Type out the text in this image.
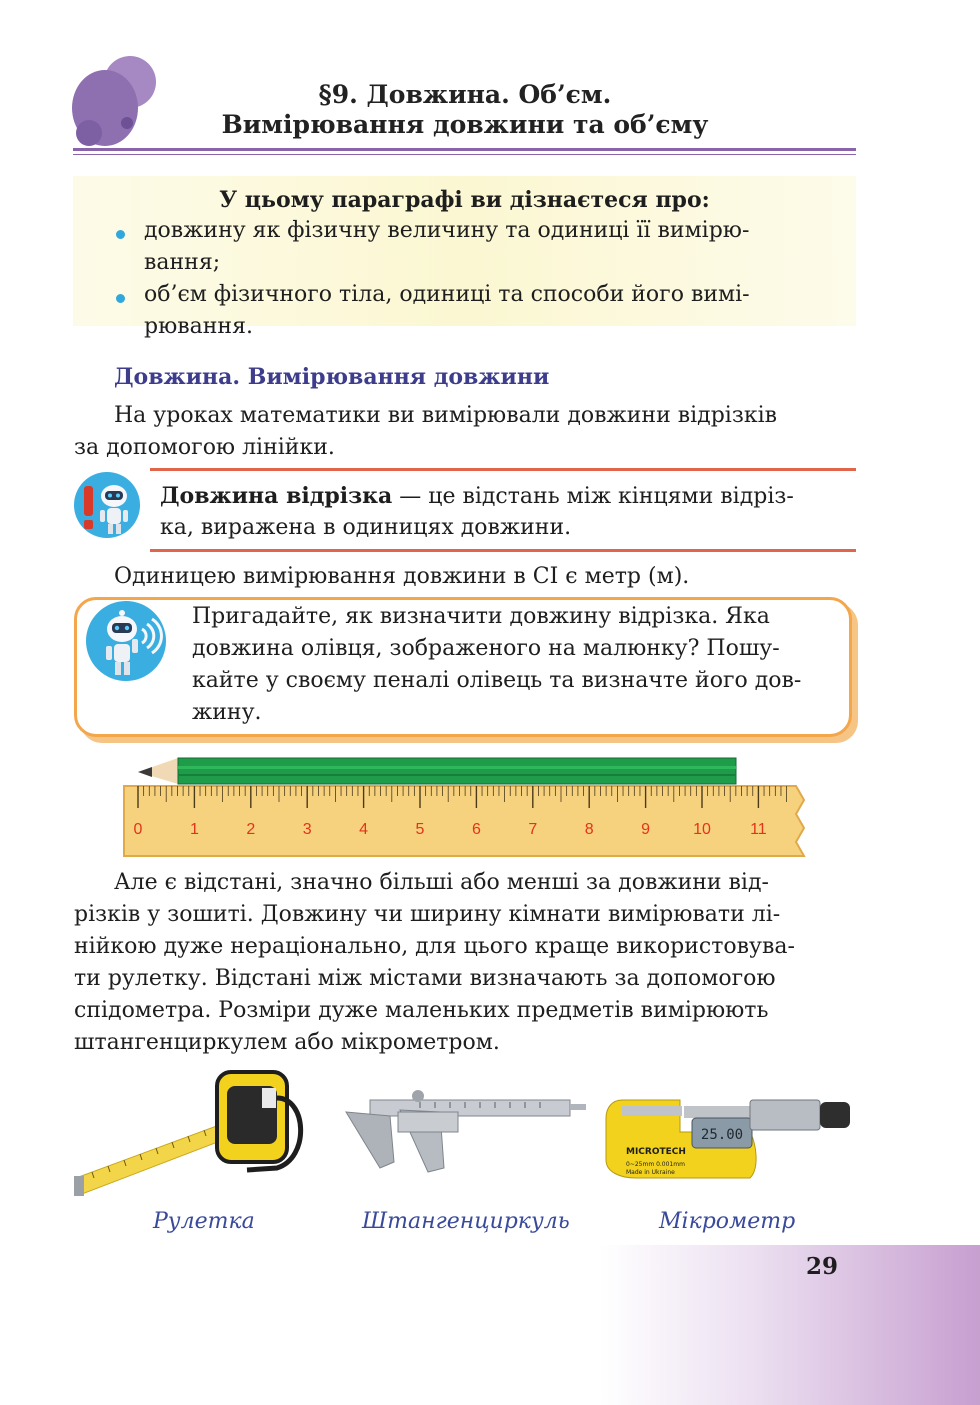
§9. Довжина. Об’єм.
Вимірювання довжини та об’єму
У цьому параграфі ви дізнаєтеся про:
довжину як фізичну величину та одиниці її вимірю-
вання;
об’єм фізичного тіла, одиниці та способи його вимі-
рювання.
Довжина. Вимірювання довжини
На уроках математики ви вимірювали довжини відрізків
за допомогою лінійки.
Довжина відрізка — це відстань між кінцями відріз-
ка, виражена в одиницях довжини.
Одиницею вимірювання довжини в СІ є метр (м).
Пригадайте, як визначити довжину відрізка. Яка
довжина олівця, зображеного на малюнку? Пошу-
кайте у своєму пеналі олівець та визначте його дов-
жину.
0	1	2	3	4	5	6	7	8	9	10 11
Але є відстані, значно більші або менші за довжини від-
різків у зошиті. Довжину чи ширину кімнати вимірювати лі-
нійкою дуже нераціонально, для цього краще використовува-
ти рулетку. Відстані між містами визначають за допомогою
спідометра. Розміри дуже маленьких предметів вимірюють
штангенциркулем або мікрометром.
Рулетка	Штангенциркуль
25.00
MICROTECH
0~25mm 0.001mm
Made in Ukraine
Мікрометр
29
